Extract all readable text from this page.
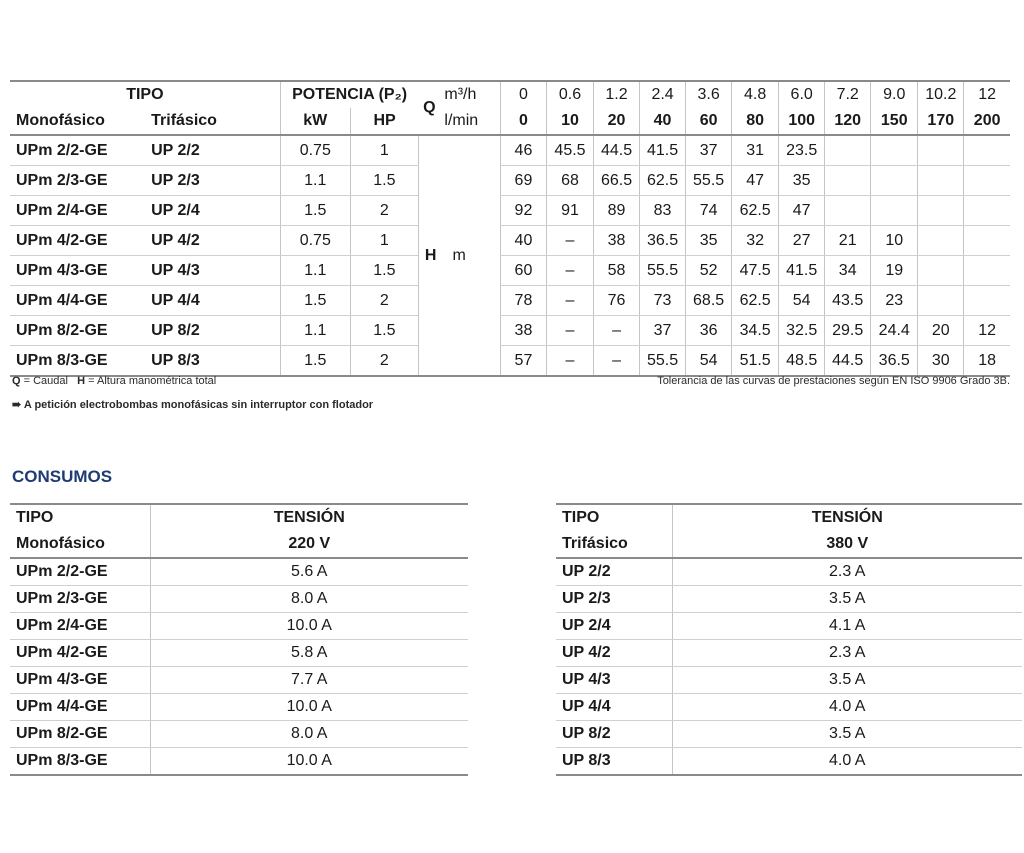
TIPO		POTENCIA (P₂)		Q	m³/h	0	0.6	1.2	2.4	3.6	4.8	6.0	7.2	9.0	10.2	12
Monofásico	Trifásico	kW	HP		l/min	0	10	20	40	60	80	100	120	150	170	200
UPm 2/2-GE	UP 2/2	0.75	1	H m		46	45.5	44.5	41.5	37	31	23.5				
UPm 2/3-GE	UP 2/3	1.1	1.5			69	68	66.5	62.5	55.5	47	35				
UPm 2/4-GE	UP 2/4	1.5	2			92	91	89	83	74	62.5	47				
UPm 4/2-GE	UP 4/2	0.75	1			40	–	38	36.5	35	32	27	21	10		
UPm 4/3-GE	UP 4/3	1.1	1.5			60	–	58	55.5	52	47.5	41.5	34	19		
UPm 4/4-GE	UP 4/4	1.5	2			78	–	76	73	68.5	62.5	54	43.5	23		
UPm 8/2-GE	UP 8/2	1.1	1.5			38	–	–	37	36	34.5	32.5	29.5	24.4	20	12
UPm 8/3-GE	UP 8/3	1.5	2			57	–	–	55.5	54	51.5	48.5	44.5	36.5	30	18
Q = Caudal H = Altura manométrica total	Tolerancia de las curvas de prestaciones según EN ISO 9906 Grado 3B.
➠ A petición electrobombas monofásicas sin interruptor con flotador
CONSUMOS
TIPO	TENSIÓN
Monofásico	220 V
UPm 2/2-GE	5.6 A
UPm 2/3-GE	8.0 A
UPm 2/4-GE	10.0 A
UPm 4/2-GE	5.8 A
UPm 4/3-GE	7.7 A
UPm 4/4-GE	10.0 A
UPm 8/2-GE	8.0 A
UPm 8/3-GE	10.0 A
TIPO	TENSIÓN
Trifásico	380 V
UP 2/2	2.3 A
UP 2/3	3.5 A
UP 2/4	4.1 A
UP 4/2	2.3 A
UP 4/3	3.5 A
UP 4/4	4.0 A
UP 8/2	3.5 A
UP 8/3	4.0 A
